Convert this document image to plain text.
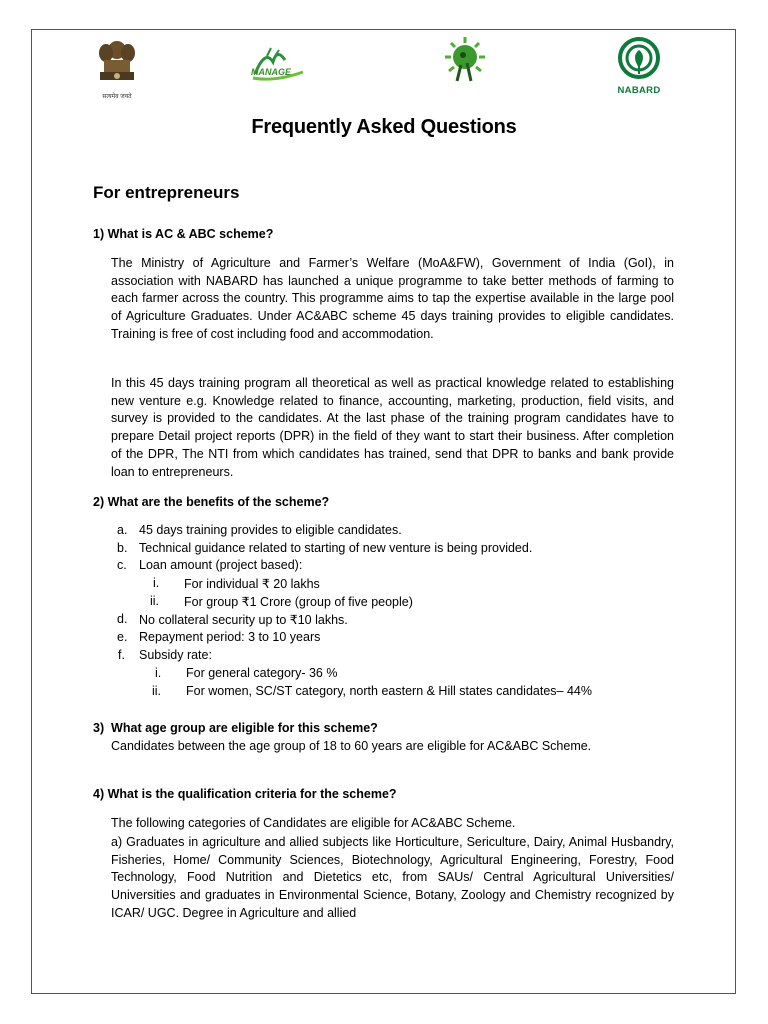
सत्यमेव जयते
MANAGE
NABARD
Frequently Asked Questions
For entrepreneurs
1) What is AC & ABC scheme?
The Ministry of Agriculture and Farmer’s Welfare (MoA&FW), Government of India (GoI), in association with NABARD has launched a unique programme to take better methods of farming to each farmer across the country. This programme aims to tap the expertise available in the large pool of Agriculture Graduates. Under AC&ABC scheme 45 days training provides to eligible candidates. Training is free of cost including food and accommodation.
In this 45 days training program all theoretical as well as practical knowledge related to establishing new venture e.g. Knowledge related to finance, accounting, marketing, production, field visits, and survey is provided to the candidates. At the last phase of the training program candidates have to prepare Detail project reports (DPR) in the field of they want to start their business. After completion of the DPR, The NTI from which candidates has trained, send that DPR to banks and bank provide loan to entrepreneurs.
2) What are the benefits of the scheme?
a. 45 days training provides to eligible candidates.
b. Technical guidance related to starting of new venture is being provided.
c. Loan amount (project based):
i. For individual ₹ 20 lakhs
ii. For group ₹1 Crore (group of five people)
d. No collateral security up to ₹10 lakhs.
e. Repayment period: 3 to 10 years
f. Subsidy rate:
i. For general category- 36 %
ii. For women, SC/ST category, north eastern & Hill states candidates– 44%
3)  What age group are eligible for this scheme?
Candidates between the age group of 18 to 60 years are eligible for AC&ABC Scheme.
4) What is the qualification criteria for the scheme?
The following categories of Candidates are eligible for AC&ABC Scheme.
a) Graduates in agriculture and allied subjects like Horticulture, Sericulture, Dairy, Animal Husbandry, Fisheries, Home/ Community Sciences, Biotechnology, Agricultural Engineering, Forestry, Food Technology, Food Nutrition and Dietetics etc, from SAUs/ Central Agricultural Universities/ Universities and graduates in Environmental Science, Botany, Zoology and Chemistry recognized by ICAR/ UGC. Degree in Agriculture and allied
